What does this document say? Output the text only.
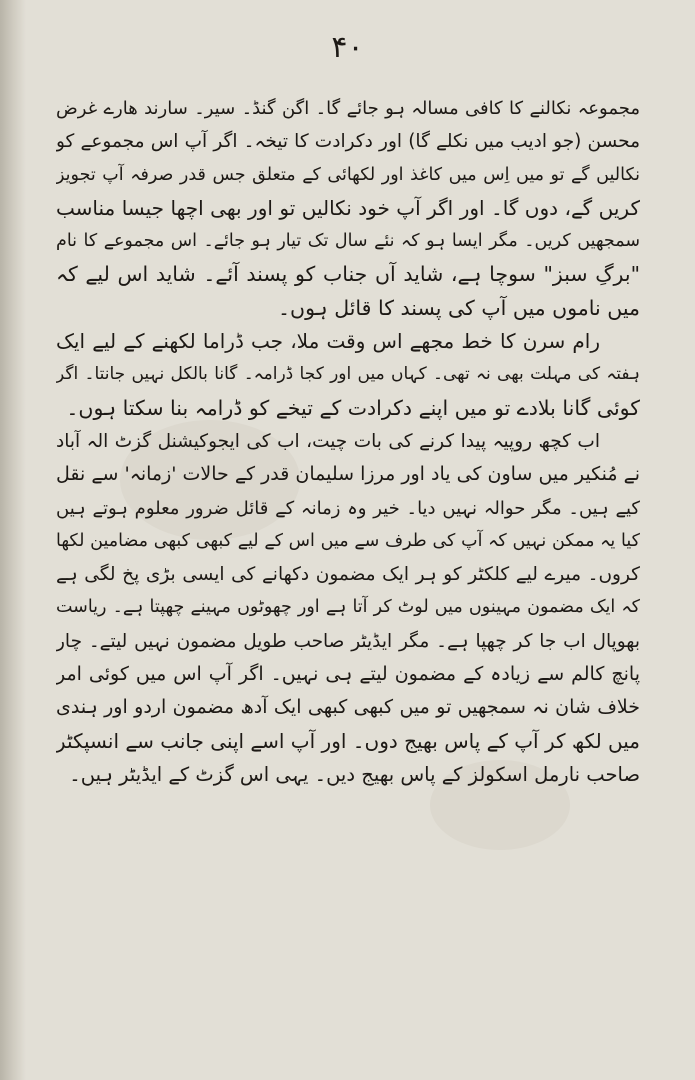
۴۰
مجموعہ نکالنے کا کافی مسالہ ہو جائے گا۔ اگن گنڈ۔ سیر۔ سارند ھارے غرض
محسن (جو ادیب میں نکلے گا) اور دکرادت کا تیخہ۔ اگر آپ اس مجموعے کو
نکالیں گے تو میں اِس میں کاغذ اور لکھائی کے متعلق جس قدر صرفہ آپ تجویز
کریں گے، دوں گا۔ اور اگر آپ خود نکالیں تو اور بھی اچھا جیسا مناسب
سمجھیں کریں۔ مگر ایسا ہو کہ نئے سال تک تیار ہو جائے۔ اس مجموعے کا نام
"برگِ سبز" سوچا ہے، شاید آں جناب کو پسند آئے۔ شاید اس لیے کہ
میں ناموں میں آپ کی پسند کا قائل ہوں۔
رام سرن کا خط مجھے اس وقت ملا، جب ڈراما لکھنے کے لیے ایک
ہفتہ کی مہلت بھی نہ تھی۔ کہاں میں اور کجا ڈرامہ۔ گانا بالکل نہیں جانتا۔ اگر
کوئی گانا بلادے تو میں اپنے دکرادت کے تیخے کو ڈرامہ بنا سکتا ہوں۔
اب کچھ روپیہ پیدا کرنے کی بات چیت، اب کی ایجوکیشنل گزٹ الہ آباد
نے مُنکیر میں ساون کی یاد اور مرزا سلیمان قدر کے حالات 'زمانہ' سے نقل
کیے ہیں۔ مگر حوالہ نہیں دیا۔ خیر وہ زمانہ کے قائل ضرور معلوم ہوتے ہیں
کیا یہ ممکن نہیں کہ آپ کی طرف سے میں اس کے لیے کبھی کبھی مضامین لکھا
کروں۔ میرے لیے کلکٹر کو ہر ایک مضمون دکھانے کی ایسی بڑی پخ لگی ہے
کہ ایک مضمون مہینوں میں لوٹ کر آتا ہے اور چھوٹوں مہینے چھپتا ہے۔ ریاست
بھوپال اب جا کر چھپا ہے۔ مگر ایڈیٹر صاحب طویل مضمون نہیں لیتے۔ چار
پانچ کالم سے زیادہ کے مضمون لیتے ہی نہیں۔ اگر آپ اس میں کوئی امر
خلاف شان نہ سمجھیں تو میں کبھی کبھی ایک آدھ مضمون اردو اور ہندی
میں لکھ کر آپ کے پاس بھیج دوں۔ اور آپ اسے اپنی جانب سے انسپکٹر
صاحب نارمل اسکولز کے پاس بھیج دیں۔ یہی اس گزٹ کے ایڈیٹر ہیں۔
